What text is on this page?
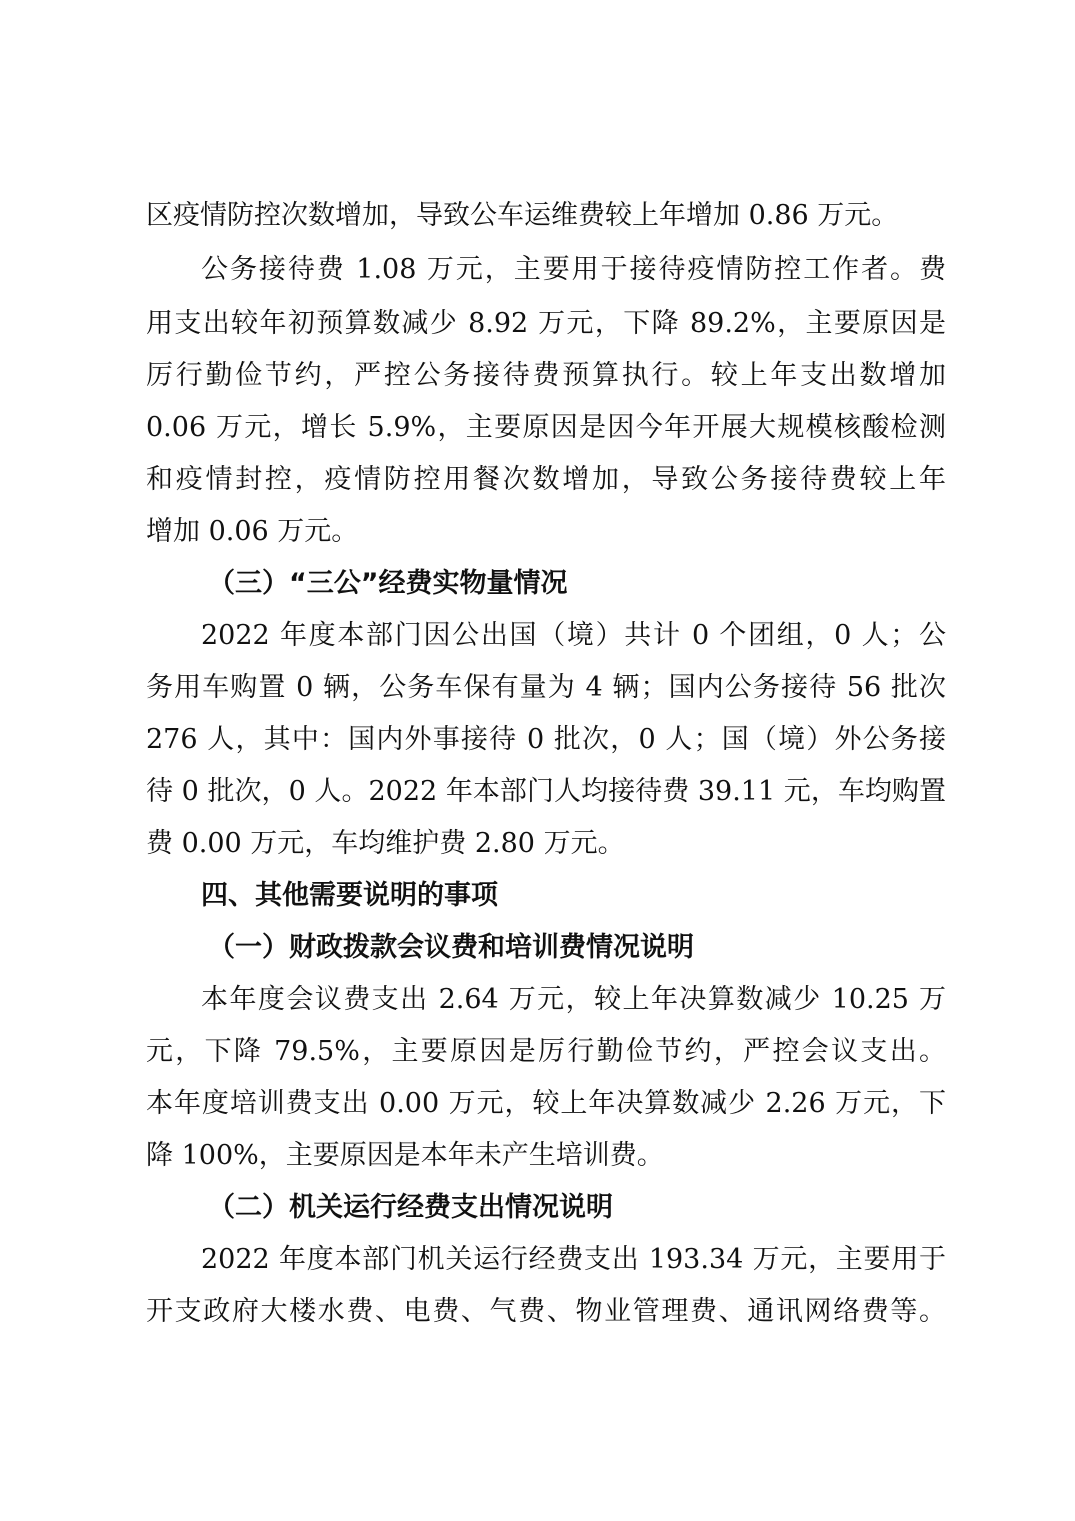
区疫情防控次数增加，导致公车运维费较上年增加 0.86 万元。
公务接待费 1.08 万元，主要用于接待疫情防控工作者。费
用支出较年初预算数减少 8.92 万元，下降 89.2%，主要原因是
厉行勤俭节约，严控公务接待费预算执行。较上年支出数增加
0.06 万元，增长 5.9%，主要原因是因今年开展大规模核酸检测
和疫情封控，疫情防控用餐次数增加，导致公务接待费较上年
增加 0.06 万元。
（三）“三公”经费实物量情况
2022 年度本部门因公出国（境）共计 0 个团组，0 人；公
务用车购置 0 辆，公务车保有量为 4 辆；国内公务接待 56 批次
276 人，其中：国内外事接待 0 批次，0 人；国（境）外公务接
待 0 批次，0 人。2022 年本部门人均接待费 39.11 元，车均购置
费 0.00 万元，车均维护费 2.80 万元。
四、其他需要说明的事项
（一）财政拨款会议费和培训费情况说明
本年度会议费支出 2.64 万元，较上年决算数减少 10.25 万
元，下降 79.5%，主要原因是厉行勤俭节约，严控会议支出。
本年度培训费支出 0.00 万元，较上年决算数减少 2.26 万元，下
降 100%，主要原因是本年未产生培训费。
（二）机关运行经费支出情况说明
2022 年度本部门机关运行经费支出 193.34 万元，主要用于
开支政府大楼水费、电费、气费、物业管理费、通讯网络费等。
